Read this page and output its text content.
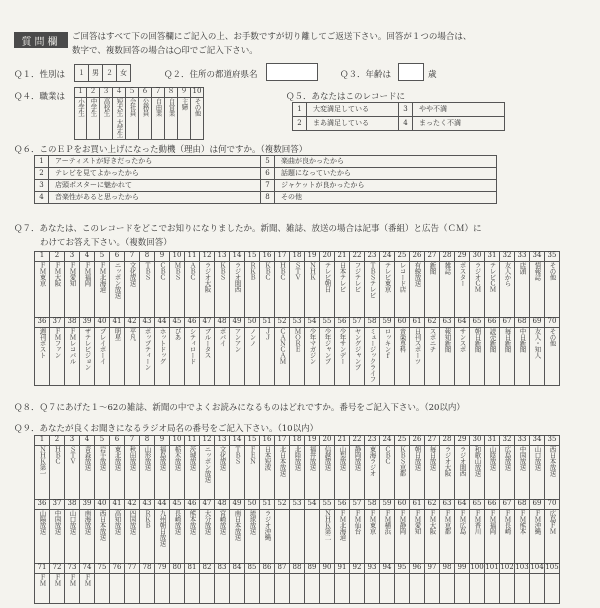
質問欄	ご回答はすべて下の回答欄にご記入の上、お手数ですが切り離してご返送下さい。回答が１つの場合は、
数字で、複数回答の場合は○印でご記入下さい。
Ｑ１．性別は １	男	２	女	Ｑ２．住所の都道府県名	Ｑ３．年齢は	歳
Ｑ４．職業は
１	２	３	４	５	６	７	８	９	10
小学生	中学生	高校生	短大生大学生	会社員	公務員	自由業	自営業	主婦	その他
Ｑ５．あなたはこのレコードに
1	大変満足している	3	やや不満
2	まあ満足している	4	まったく不満
Ｑ６．このＥＰをお買い上げになった動機（理由）は何ですか。（複数回答）
1	アーティストが好きだったから	5	楽曲が良かったから
2	テレビを見てよかったから	6	話題になっていたから
3	店頭ポスターに魅かれて	7	ジャケットが良かったから
4	音楽性があると思ったから	8	その他
Ｑ７．あなたは、このレコードをどこでお知りになりましたか。新聞、雑誌、放送の場合は記事（番組）と広告（ＣＭ）に
わけてお答え下さい。（複数回答）
1	2	3	4	5	6	7	8	9	10	11	12	13	14	15	16	17	18	19	20	21	22	23	24	25	26	27	28	29	30	31	32	33	34	35
ＦＭ東京	ＦＭ大阪	ＦＭ愛知	ＦＭ福岡	ＦＭ北海道	ニッポン放送	文化放送	ＴＢＳ	ＣＢＣ	ＭＢＳ	ＡＢＣ	ラジオ大阪	ＫＢＳ	ラジオ関西	ＲＫＢ	ＫＢＣ	ＨＢＣ	ＳＴＶ	ＮＨＫ	テレビ朝日	日本テレビ	フジテレビ	ＴＢＳテレビ	テレビ東京	レコード店	有線放送	新聞	雑誌	ポスター	ラジオＣＭ	テレビＣＭ	友人から	店頭	情報誌	その他
36	37	38	39	40	41	42	43	44	45	46	47	48	49	50	51	52	53	54	55	56	57	58	59	60	61	62	63	64	65	66	67	68	69	70
週刊ポスト	ＦＭファン	ＦＭレコパル	ザテレビジョン	プレイボーイ	明星	平凡	ポップティーン	ホットドッグ	ぴあ	シティロード	ブルータス	ポパイ	アンアン	ノンノ	ＪＪ	ＣＡＮＣＡＭ	ＭＯＲＥ	少年マガジン	少年ジャンプ	少年サンデー	ヤングジャンプ	ミュージックライフ	ロッキンｆ	音楽専科	日刊スポーツ	スポニチ	報知新聞	サンスポ	朝日新聞	読売新聞	毎日新聞	中日新聞	友人・知人	その他
Ｑ８．Ｑ７にあげた１〜62の雑誌、新聞の中でよくお読みになるものはどれですか。番号をご記入下さい。（20以内）
Ｑ９．あなたが良くお聞きになるラジオ局名の番号をご記入下さい。（10以内）
1	2	3	4	5	6	7	8	9	10	11	12	13	14	15	16	17	18	19	20	21	22	23	24	25	26	27	28	29	30	31	32	33	34	35
ＮＨＫ第一	ＨＢＣ	ＳＴＶ	青森放送	岩手放送	東北放送	秋田放送	山形放送	福島放送	栃木放送	茨城放送	ニッポン放送	文化放送	ＴＢＳ	ＦＥＮ	日本短波	北日本放送	北陸放送	福井放送	信越放送	山梨放送	静岡放送	東海ラジオ	ＣＢＣ	ＫＢＳ京都	朝日放送	毎日放送	ラジオ大阪	ラジオ関西	和歌山放送	山陰放送	広島放送	中国放送	山口放送	西日本放送
36	37	38	39	40	41	42	43	44	45	46	47	48	49	50	51	52	53	54	55	56	57	58	59	60	61	62	63	64	65	66	67	68	69	70
山陽放送	中国放送	山口放送	南海放送	西日本放送	高知放送	四国放送	ＲＫＢ	九州朝日放送	長崎放送	熊本放送	大分放送	宮崎放送	南日本放送	琉球放送	ラジオ沖縄				ＮＨＫ第二	ＦＭ北海道	ＦＭ仙台	ＦＭ東京	ＦＭ横浜	ＦＭ静岡	ＦＭ愛知	ＦＭ大阪	ＦＭ京都	ＦＭ広島	ＦＭ香川	ＦＭ福岡	ＦＭ長崎	ＦＭ熊本	ＦＭ沖縄	広島ＦＭ
71	72	73	74	75	76	77	78	79	80	81	82	83	84	85	86	87	88	89	90	91	92	93	94	95	96	97	98	99	100	101	102	103	104	105
ＦＭ	ＦＭ	ＦＭ	ＦＭ																															
